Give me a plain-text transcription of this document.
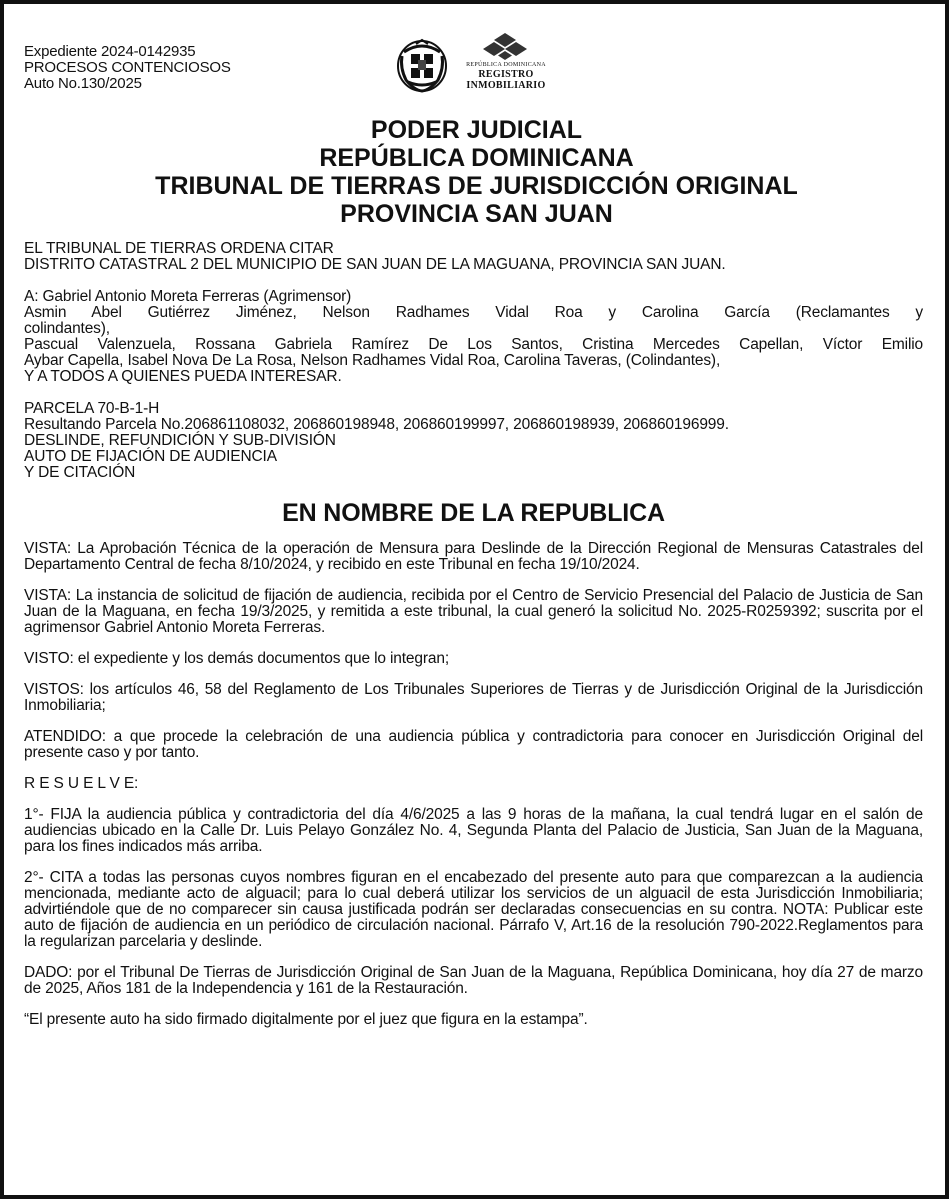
Expediente 2024-0142935
PROCESOS CONTENCIOSOS
Auto No.130/2025
REPÚBLICA DOMINICANA
REGISTRO
INMOBILIARIO
PODER JUDICIAL
REPÚBLICA DOMINICANA
TRIBUNAL DE TIERRAS DE JURISDICCIÓN ORIGINAL
PROVINCIA SAN JUAN
EL TRIBUNAL DE TIERRAS ORDENA CITAR
DISTRITO CATASTRAL 2 DEL MUNICIPIO DE SAN JUAN DE LA MAGUANA, PROVINCIA SAN JUAN.
A: Gabriel Antonio Moreta Ferreras (Agrimensor)
Asmin Abel Gutiérrez Jiménez, Nelson Radhames Vidal Roa y Carolina García (Reclamantes y
colindantes),
Pascual Valenzuela, Rossana Gabriela Ramírez De Los Santos, Cristina Mercedes Capellan, Víctor Emilio
Aybar Capella, Isabel Nova De La Rosa, Nelson Radhames Vidal Roa, Carolina Taveras, (Colindantes),
Y A TODOS A QUIENES PUEDA INTERESAR.
PARCELA 70-B-1-H
Resultando Parcela No.206861108032, 206860198948, 206860199997, 206860198939, 206860196999.
DESLINDE, REFUNDICIÓN Y SUB-DIVISIÓN
AUTO DE FIJACIÓN DE AUDIENCIA
Y DE CITACIÓN
EN NOMBRE DE LA REPUBLICA
VISTA: La Aprobación Técnica de la operación de Mensura para Deslinde de la Dirección Regional de Mensuras Catastrales del Departamento Central de fecha 8/10/2024, y recibido en este Tribunal en fecha 19/10/2024.
VISTA: La instancia de solicitud de fijación de audiencia, recibida por el Centro de Servicio Presencial del Palacio de Justicia de San Juan de la Maguana, en fecha 19/3/2025, y remitida a este tribunal, la cual generó la solicitud No. 2025-R0259392; suscrita por el agrimensor Gabriel Antonio Moreta Ferreras.
VISTO: el expediente y los demás documentos que lo integran;
VISTOS: los artículos 46, 58 del Reglamento de Los Tribunales Superiores de Tierras y de Jurisdicción Original de la Jurisdicción Inmobiliaria;
ATENDIDO: a que procede la celebración de una audiencia pública y contradictoria para conocer en Jurisdicción Original del presente caso y por tanto.
R E S U E L V E:
1°- FIJA la audiencia pública y contradictoria del día 4/6/2025 a las 9 horas de la mañana, la cual tendrá lugar en el salón de audiencias ubicado en la Calle Dr. Luis Pelayo González No. 4, Segunda Planta del Palacio de Justicia, San Juan de la Maguana, para los fines indicados más arriba.
2°- CITA a todas las personas cuyos nombres figuran en el encabezado del presente auto para que comparezcan a la audiencia mencionada, mediante acto de alguacil; para lo cual deberá utilizar los servicios de un alguacil de esta Jurisdicción Inmobiliaria; advirtiéndole que de no comparecer sin causa justificada podrán ser declaradas consecuencias en su contra. NOTA: Publicar este auto de fijación de audiencia en un periódico de circulación nacional. Párrafo V, Art.16 de la resolución 790-2022.Reglamentos para la regularizan parcelaria y deslinde.
DADO: por el Tribunal De Tierras de Jurisdicción Original de San Juan de la Maguana, República Dominicana, hoy día 27 de marzo de 2025, Años 181 de la Independencia y 161 de la Restauración.
“El presente auto ha sido firmado digitalmente por el juez que figura en la estampa”.
